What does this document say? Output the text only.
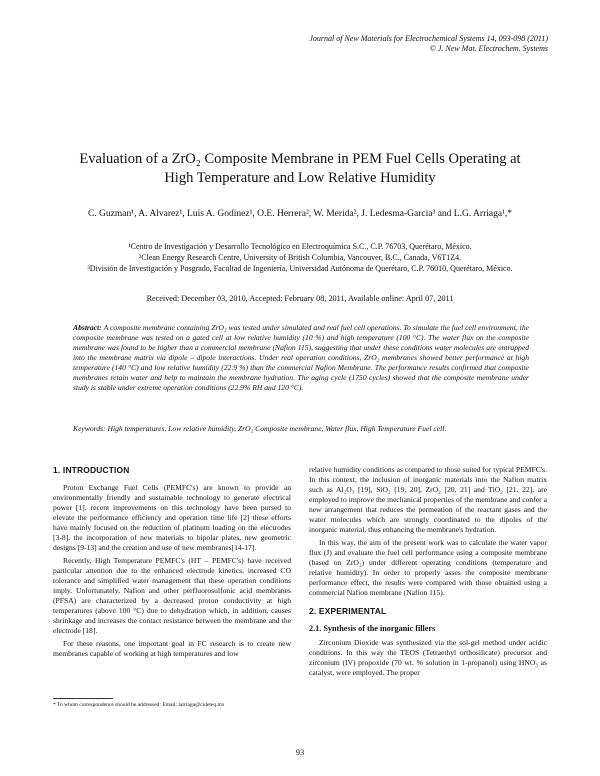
Journal of New Materials for Electrochemical Systems 14, 093-098 (2011)
© J. New Mat. Electrochem. Systems
Evaluation of a ZrO₂ Composite Membrane in PEM Fuel Cells Operating at
High Temperature and Low Relative Humidity
C. Guzman¹, A. Alvarez¹, Luis A. Godinez¹, O.E. Herrera², W. Merida², J. Ledesma-Garcia³ and L.G. Arriaga¹,*
¹Centro de Investigación y Desarrollo Tecnológico en Electroquímica S.C., C.P. 76703, Querétaro, México.
²Clean Energy Research Centre, University of British Columbia, Vancouver, B.C., Canada, V6T1Z4.
³División de Investigación y Posgrado, Facultad de Ingeniería, Universidad Autónoma de Querétaro, C.P. 76010, Querétaro, México.
Received: December 03, 2010, Accepted: February 08, 2011, Available online: April 07, 2011
Abstract: A composite membrane containing ZrO₂ was tested under simulated and real fuel cell operations. To simulate the fuel cell environment, the composite membrane was tested on a gated cell at low relative humidity (10 %) and high temperature (100 °C). The water flux on the composite membrane was found to be higher than a commercial membrane (Nafion 115), suggesting that under these conditions water molecules are entrapped into the membrane matrix via dipole – dipole interactions. Under real operation conditions, ZrO₂ membranes showed better performance at high temperature (140 °C) and low relative humidity (22.9 %) than the commercial Nafion Membrane. The performance results confirmed that composite membranes retain water and help to maintain the membrane hydration. The aging cycle (1750 cycles) showed that the composite membrane under study is stable under extreme operation conditions (22.9% RH and 120 °C).
Keywords: High temperatures, Low relative humidity, ZrO₂ Composite membrane, Water flux, High Temperature Fuel cell.
1. INTRODUCTION

Proton Exchange Fuel Cells (PEMFC's) are known to provide an environmentally friendly and sustainable technology to generate electrical power [1]. recent improvements on this technology have been pursed to elevate the performance efficiency and operation time life [2] these efforts have mainly focused on the reduction of platinum loading on the electrodes [3-8], the incorporation of new materials to bipolar plates, new geometric designs [9-13] and the creation and use of new membranes[14-17].

Recently, High Temperature PEMFC's (HT – PEMFC's) have received particular attention due to the enhanced electrode kinetics, increased CO tolerance and simplified water management that these operation conditions imply. Unfortunately, Nafion and other perfluorosulfonic acid membranes (PFSA) are characterized by a decreased proton conductivity at high temperatures (above 100 °C) due to dehydration which, in addition, causes shrinkage and increases the contact resistance between the membrane and the electrode [18].

For these reasons, one important goal in FC research is to create new membranes capable of working at high temperatures and low

relative humidity conditions as compared to those suited for typical PEMFC's. In this context, the inclusion of inorganic materials into the Nafion matrix such as Al₂O₃ [19], SiO₂ [19, 20], ZrO₂ [20, 21] and TiO₂ [21, 22], are employed to improve the mechanical properties of the membrane and confer a new arrangement that reduces the permeation of the reactant gases and the water molecules which are strongly coordinated to the dipoles of the inorganic material, thus enhancing the membrane's hydration.

In this way, the aim of the present work was to calculate the water vapor flux (J) and evaluate the fuel cell performance using a composite membrane (based on ZrO₂) under different operating conditions (temperature and relative humidity). In order to properly asses the composite membrane performance effect, the results were compared with those obtained using a commercial Nafion membrane (Nafion 115).

2. EXPERIMENTAL
2.1. Synthesis of the inorganic fillers

Zirconium Dioxide was synthesized via the sol-gel method under acidic conditions. In this way the TEOS (Tetraethyl orthosilicate) precursor and zirconium (IV) propoxide (70 wt. % solution in 1-propanol) using HNO₃ as catalyst, were employed. The proper

* To whom correspondence should be addressed: Email: larriaga@cideteq.mx
93
